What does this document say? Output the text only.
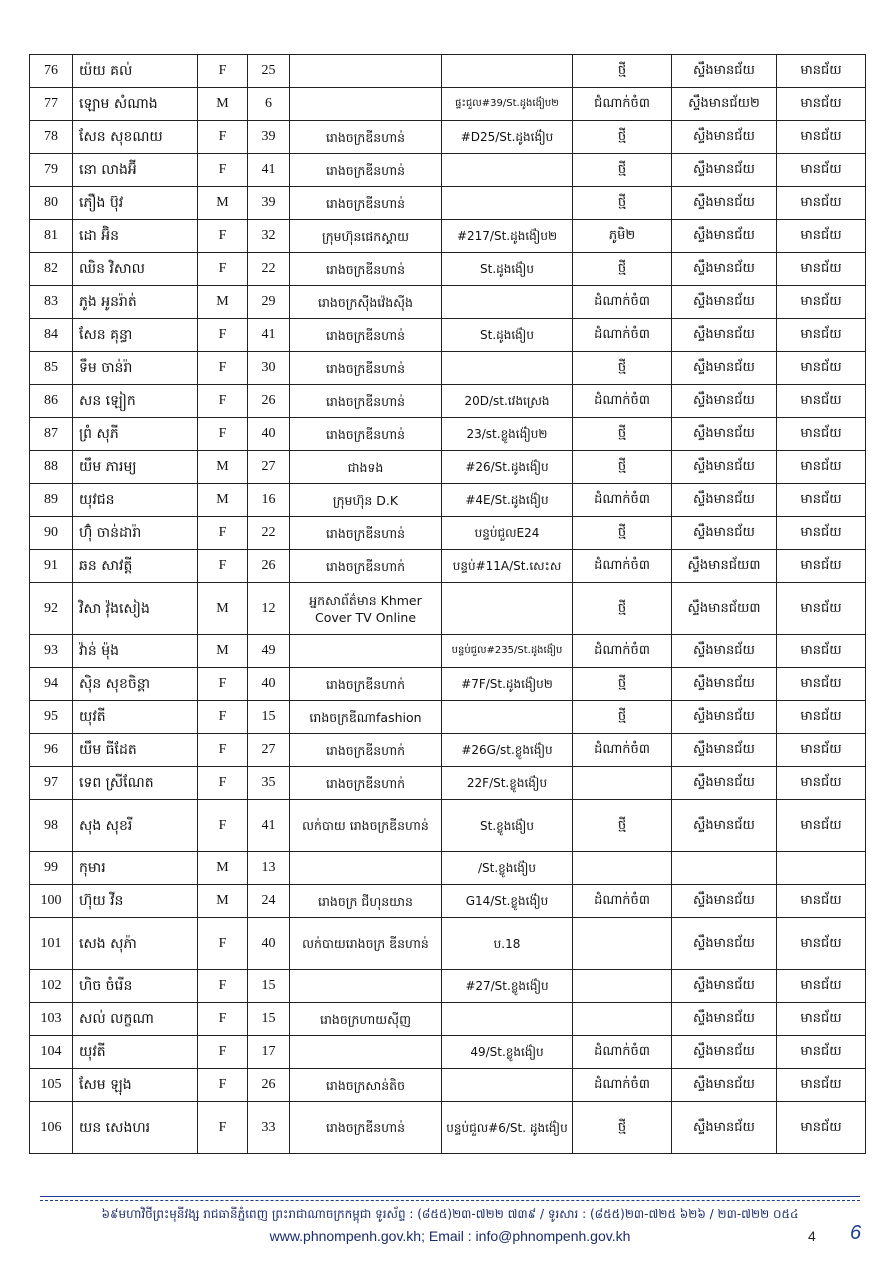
76	យ៉យ គល់	F	25			ថ្មី	ស្ទឹងមានជ័យ	មានជ័យ
77	ឡោម សំណាង	M	6		ផ្ទះជួល#39/St.ដូងង៉ៀប២	ជំណាក់ចំ៣	ស្ទឹងមានជ័យ២	មានជ័យ
78	សែន សុខណយ	F	39	រោងចក្រឌីនហាន់	#D25/St.ដូងង៉ៀប	ថ្មី	ស្ទឹងមានជ័យ	មានជ័យ
79	នោ លាងអ៊ី	F	41	រោងចក្រឌីនហាន់		ថ្មី	ស្ទឹងមានជ័យ	មានជ័យ
80	ភឿង ប៊ុវ	M	39	រោងចក្រឌីនហាន់		ថ្មី	ស្ទឹងមានជ័យ	មានជ័យ
81	ដោ អ៊ិន	F	32	ក្រុមហ៊ុនផេកស្គាយ	#217/St.ដូងង៉ៀប២	ភូមិ២	ស្ទឹងមានជ័យ	មានជ័យ
82	ឈិន វិសាល	F	22	រោងចក្រឌីនហាន់	St.ដូងង៉ៀប	ថ្មី	ស្ទឹងមានជ័យ	មានជ័យ
83	ភូង អូនរ៉ាត់	M	29	រោងចក្រស៊ីងវ៉េងស៊ីង		ដំណាក់ចំ៣	ស្ទឹងមានជ័យ	មានជ័យ
84	សែន គុន្ធា	F	41	រោងចក្រឌីនហាន់	St.ដូងង៉ៀប	ដំណាក់ចំ៣	ស្ទឹងមានជ័យ	មានជ័យ
85	ទឹម ចាន់រ៉ា	F	30	រោងចក្រឌីនហាន់		ថ្មី	ស្ទឹងមានជ័យ	មានជ័យ
86	សន ឡៀក	F	26	រោងចក្រឌីនហាន់	20D/st.វេងស្រេង	ដំណាក់ចំ៣	ស្ទឹងមានជ័យ	មានជ័យ
87	ព្រំ សុភី	F	40	រោងចក្រឌីនហាន់	23/st.ខ្លូងង៉ៀប២	ថ្មី	ស្ទឹងមានជ័យ	មានជ័យ
88	យឹម ភារម្យ	M	27	ជាងទង	#26/St.ដូងង៉ៀប	ថ្មី	ស្ទឹងមានជ័យ	មានជ័យ
89	យុវជន	M	16	ក្រុមហ៊ុន D.K	#4E/St.ដូងង៉ៀប	ដំណាក់ចំ៣	ស្ទឹងមានជ័យ	មានជ័យ
90	ហ៊ុំ ចាន់ដារ៉ា	F	22	រោងចក្រឌីនហាន់	បន្ទប់ជួលE24	ថ្មី	ស្ទឹងមានជ័យ	មានជ័យ
91	ឆន សាវត្តី	F	26	រោងចក្រឌីនហាក់	បន្ទប់#11A/St.សេះស	ដំណាក់ចំ៣	ស្ទឹងមានជ័យ៣	មានជ័យ
92	វិសា វ៉ុងសៀង	M	12	អ្នកសាព័ត៌មាន Khmer Cover TV Online		ថ្មី	ស្ទឹងមានជ័យ៣	មានជ័យ
93	វ៉ាន់ ម៉ុង	M	49		បន្ទប់ជួល#235/St.ដូងង៉ៀប	ដំណាក់ចំ៣	ស្ទឹងមានជ័យ	មានជ័យ
94	ស៊ិន សុខចិន្តា	F	40	រោងចក្រឌីនហាក់	#7F/St.ដូងង៉ៀប២	ថ្មី	ស្ទឹងមានជ័យ	មានជ័យ
95	យុវតី	F	15	រោងចក្រឌីណាfashion		ថ្មី	ស្ទឹងមានជ័យ	មានជ័យ
96	យឹម ធីដែត	F	27	រោងចក្រឌីនហាក់	#26G/st.ខ្លូងង៉ៀប	ដំណាក់ចំ៣	ស្ទឹងមានជ័យ	មានជ័យ
97	ទេព ស្រីណែត	F	35	រោងចក្រឌីនហាក់	22F/St.ខ្លូងង៉ៀប		ស្ទឹងមានជ័យ	មានជ័យ
98	សុង សុខរី	F	41	លក់បាយ រោងចក្រឌីនហាន់	St.ខ្លូងង៉ៀប	ថ្មី	ស្ទឹងមានជ័យ	មានជ័យ
99	កុមារ	M	13		/St.ខ្លូងង៉ៀប			
100	ហ៊ុយ វីន	M	24	រោងចក្រ ជីហុនយាន	G14/St.ខ្លូងង៉ៀប	ដំណាក់ចំ៣	ស្ទឹងមានជ័យ	មានជ័យ
101	សេង សុភ៉ា	F	40	លក់បាយរោងចក្រ ឌីនហាន់	ប.18		ស្ទឹងមានជ័យ	មានជ័យ
102	ហិច ចំរើន	F	15		#27/St.ខ្លូងង៉ៀប		ស្ទឹងមានជ័យ	មានជ័យ
103	សល់ លក្ខណា	F	15	រោងចក្រហាយស៊ីញ			ស្ទឹងមានជ័យ	មានជ័យ
104	យុវតី	F	17		49/St.ខ្លូងង៉ៀប	ដំណាក់ចំ៣	ស្ទឹងមានជ័យ	មានជ័យ
105	សែម ឡុង	F	26	រោងចក្រសាន់តិច		ដំណាក់ចំ៣	ស្ទឹងមានជ័យ	មានជ័យ
106	យន សេងហរ	F	33	រោងចក្រឌីនហាន់	បន្ទប់ជួល#6/St. ដូងង៉ៀប	ថ្មី	ស្ទឹងមានជ័យ	មានជ័យ
៦៩មហាវិថីព្រះមុនីវង្ស រាជធានីភ្នំពេញ ព្រះរាជាណាចក្រកម្ពុជា ទូរស័ព្ទ : (៨៥៥)២៣-៧២២ ៧៣៩ / ទូរសារ : (៨៥៥)២៣-៧២៥ ៦២៦ / ២៣-៧២២ ០៥៤
www.phnompenh.gov.kh; Email : info@phnompenh.gov.kh	4 6
